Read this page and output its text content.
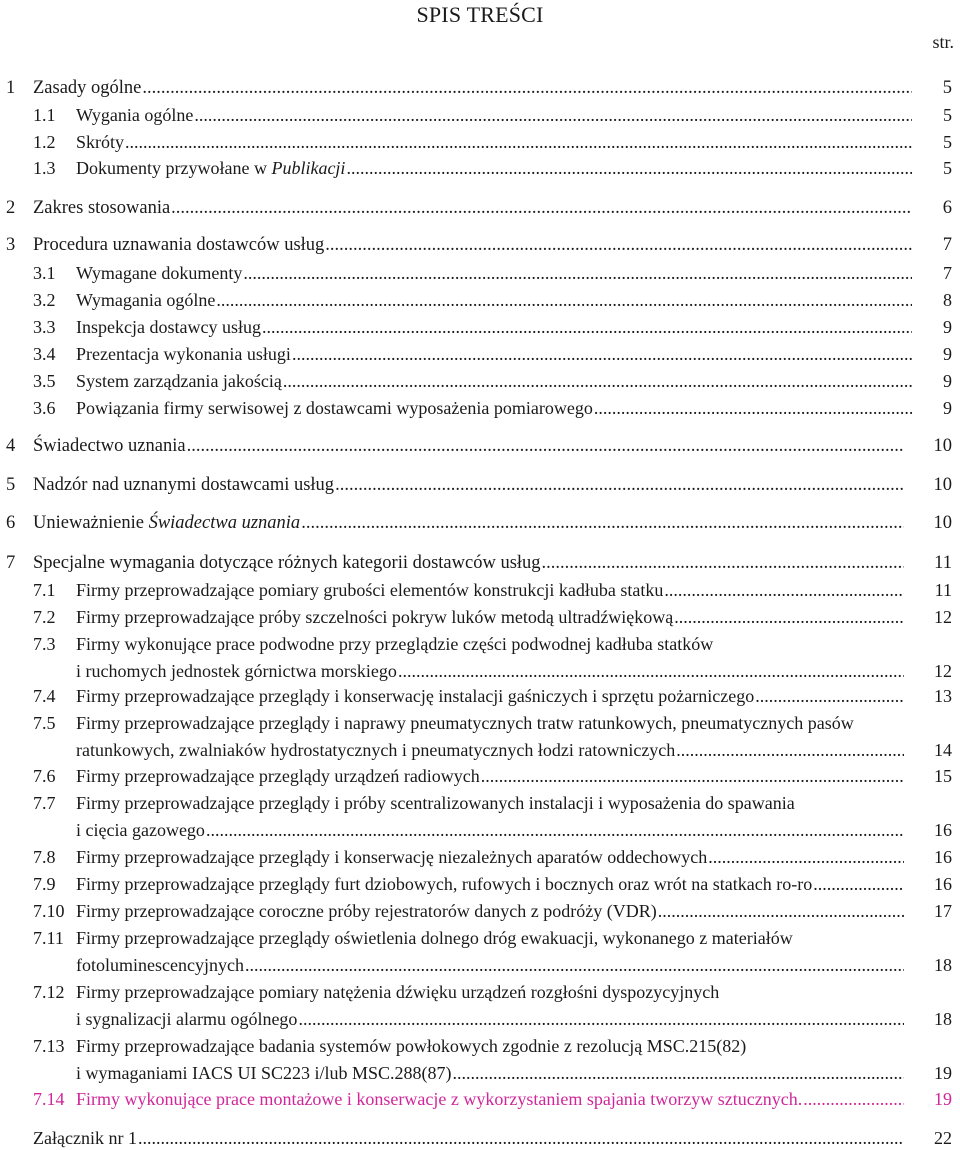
SPIS TREŚCI
str.
1 Zasady ogólne .....	5
1.1 Wygania ogólne .....	5
1.2 Skróty .....	5
1.3 Dokumenty przywołane w Publikacji .....	5
2 Zakres stosowania .....	6
3 Procedura uznawania dostawców usług .....	7
3.1 Wymagane dokumenty .....	7
3.2 Wymagania ogólne .....	8
3.3 Inspekcja dostawcy usług .....	9
3.4 Prezentacja wykonania usługi .....	9
3.5 System zarządzania jakością .....	9
3.6 Powiązania firmy serwisowej z dostawcami wyposażenia pomiarowego .....	9
4 Świadectwo uznania .....	10
5 Nadzór nad uznanymi dostawcami usług .....	10
6 Unieważnienie Świadectwa uznania .....	10
7 Specjalne wymagania dotyczące różnych kategorii dostawców usług .....	11
7.1 Firmy przeprowadzające pomiary grubości elementów konstrukcji kadłuba statku .....	11
7.2 Firmy przeprowadzające próby szczelności pokryw luków metodą ultradźwiękową .....	12
7.3 Firmy wykonujące prace podwodne przy przeglądzie części podwodnej kadłuba statków
i ruchomych jednostek górnictwa morskiego .....	12
7.4 Firmy przeprowadzające przeglądy i konserwację instalacji gaśniczych i sprzętu pożarniczego .....	13
7.5 Firmy przeprowadzające przeglądy i naprawy pneumatycznych tratw ratunkowych, pneumatycznych pasów
ratunkowych, zwalniaków hydrostatycznych i pneumatycznych łodzi ratowniczych .....	14
7.6 Firmy przeprowadzające przeglądy urządzeń radiowych .....	15
7.7 Firmy przeprowadzające przeglądy i próby scentralizowanych instalacji i wyposażenia do spawania
i cięcia gazowego .....	16
7.8 Firmy przeprowadzające przeglądy i konserwację niezależnych aparatów oddechowych .....	16
7.9 Firmy przeprowadzające przeglądy furt dziobowych, rufowych i bocznych oraz wrót na statkach ro-ro .....	16
7.10 Firmy przeprowadzające coroczne próby rejestratorów danych z podróży (VDR) .....	17
7.11 Firmy przeprowadzające przeglądy oświetlenia dolnego dróg ewakuacji, wykonanego z materiałów
fotoluminescencyjnych .....	18
7.12 Firmy przeprowadzające pomiary natężenia dźwięku urządzeń rozgłośni dyspozycyjnych
i sygnalizacji alarmu ogólnego .....	18
7.13 Firmy przeprowadzające badania systemów powłokowych zgodnie z rezolucją MSC.215(82)
i wymaganiami IACS UI SC223 i/lub MSC.288(87) .....	19
7.14 Firmy wykonujące prace montażowe i konserwacje z wykorzystaniem spajania tworzyw sztucznych. .....	19
Załącznik nr 1 .....	22
